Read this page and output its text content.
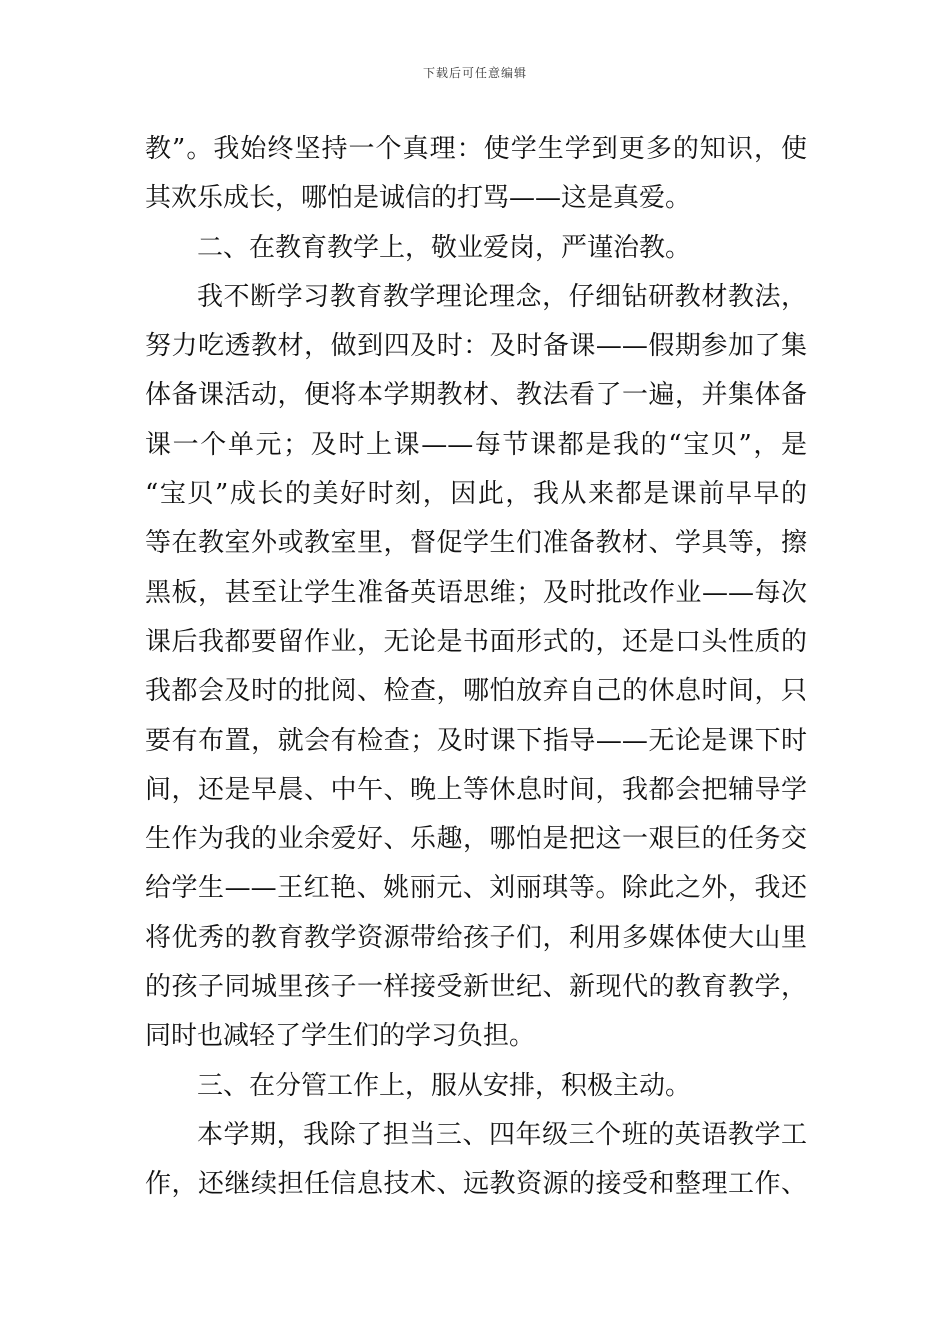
下载后可任意编辑
教”。我始终坚持一个真理：使学生学到更多的知识，使
其欢乐成长，哪怕是诚信的打骂——这是真爱。
二、在教育教学上，敬业爱岗，严谨治教。
我不断学习教育教学理论理念，仔细钻研教材教法，
努力吃透教材，做到四及时：及时备课——假期参加了集
体备课活动，便将本学期教材、教法看了一遍，并集体备
课一个单元；及时上课——每节课都是我的“宝贝”，是
“宝贝”成长的美好时刻，因此，我从来都是课前早早的
等在教室外或教室里，督促学生们准备教材、学具等，擦
黑板，甚至让学生准备英语思维；及时批改作业——每次
课后我都要留作业，无论是书面形式的，还是口头性质的
我都会及时的批阅、检查，哪怕放弃自己的休息时间，只
要有布置，就会有检查；及时课下指导——无论是课下时
间，还是早晨、中午、晚上等休息时间，我都会把辅导学
生作为我的业余爱好、乐趣，哪怕是把这一艰巨的任务交
给学生——王红艳、姚丽元、刘丽琪等。除此之外，我还
将优秀的教育教学资源带给孩子们，利用多媒体使大山里
的孩子同城里孩子一样接受新世纪、新现代的教育教学，
同时也减轻了学生们的学习负担。
三、在分管工作上，服从安排，积极主动。
本学期，我除了担当三、四年级三个班的英语教学工
作，还继续担任信息技术、远教资源的接受和整理工作、
